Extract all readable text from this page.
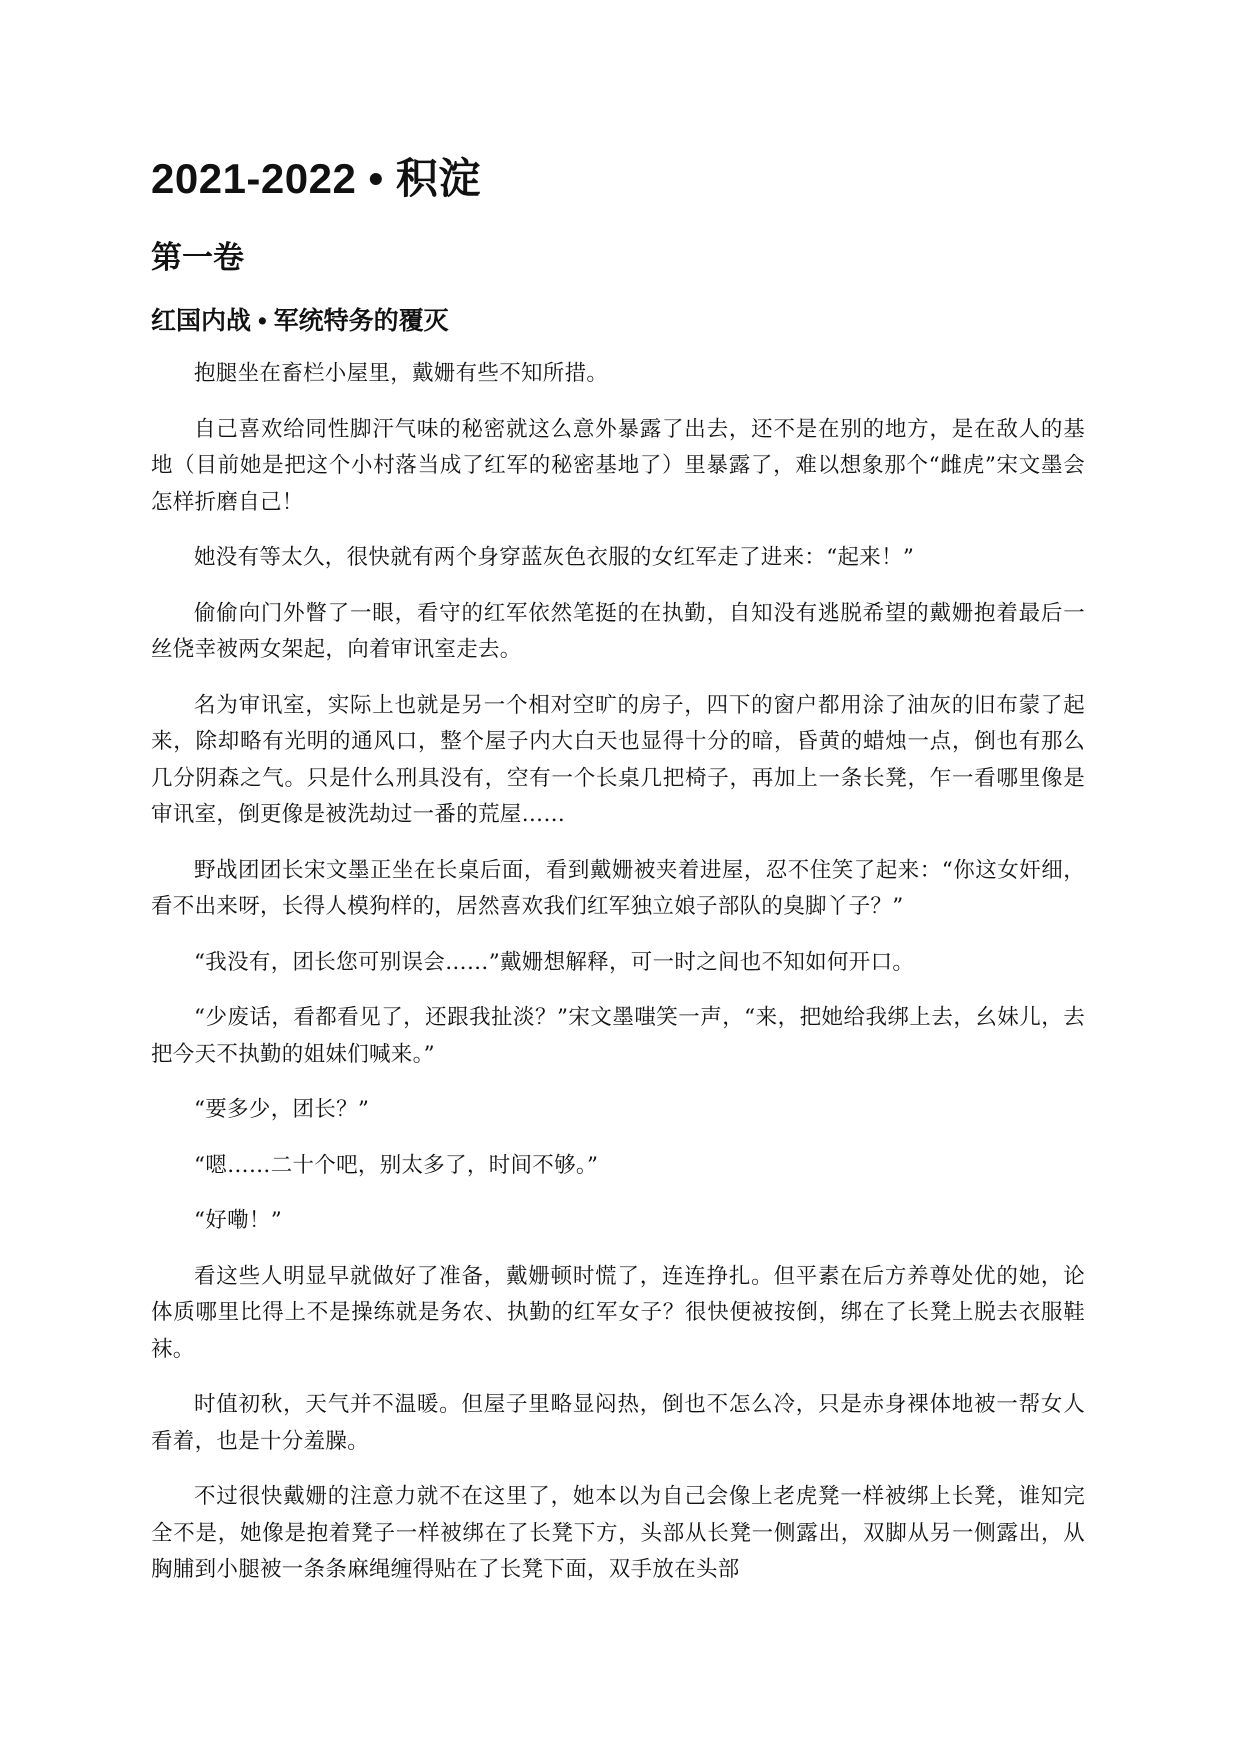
2021-2022 • 积淀
第一卷
红国内战 • 军统特务的覆灭

抱腿坐在畜栏小屋里，戴姗有些不知所措。

自己喜欢给同性脚汗气味的秘密就这么意外暴露了出去，还不是在别的地方，是在敌人的基地（目前她是把这个小村落当成了红军的秘密基地了）里暴露了，难以想象那个“雌虎”宋文墨会怎样折磨自己！

她没有等太久，很快就有两个身穿蓝灰色衣服的女红军走了进来：“起来！”

偷偷向门外瞥了一眼，看守的红军依然笔挺的在执勤，自知没有逃脱希望的戴姗抱着最后一丝侥幸被两女架起，向着审讯室走去。

名为审讯室，实际上也就是另一个相对空旷的房子，四下的窗户都用涂了油灰的旧布蒙了起来，除却略有光明的通风口，整个屋子内大白天也显得十分的暗，昏黄的蜡烛一点，倒也有那么几分阴森之气。只是什么刑具没有，空有一个长桌几把椅子，再加上一条长凳，乍一看哪里像是审讯室，倒更像是被洗劫过一番的荒屋……

野战团团长宋文墨正坐在长桌后面，看到戴姗被夹着进屋，忍不住笑了起来：“你这女奸细，看不出来呀，长得人模狗样的，居然喜欢我们红军独立娘子部队的臭脚丫子？”

“我没有，团长您可别误会……”戴姗想解释，可一时之间也不知如何开口。

“少废话，看都看见了，还跟我扯淡？”宋文墨嗤笑一声，“来，把她给我绑上去，幺妹儿，去把今天不执勤的姐妹们喊来。”

“要多少，团长？”

“嗯……二十个吧，别太多了，时间不够。”

“好嘞！”

看这些人明显早就做好了准备，戴姗顿时慌了，连连挣扎。但平素在后方养尊处优的她，论体质哪里比得上不是操练就是务农、执勤的红军女子？很快便被按倒，绑在了长凳上脱去衣服鞋袜。

时值初秋，天气并不温暖。但屋子里略显闷热，倒也不怎么冷，只是赤身裸体地被一帮女人看着，也是十分羞臊。

不过很快戴姗的注意力就不在这里了，她本以为自己会像上老虎凳一样被绑上长凳，谁知完全不是，她像是抱着凳子一样被绑在了长凳下方，头部从长凳一侧露出，双脚从另一侧露出，从胸脯到小腿被一条条麻绳缠得贴在了长凳下面，双手放在头部
